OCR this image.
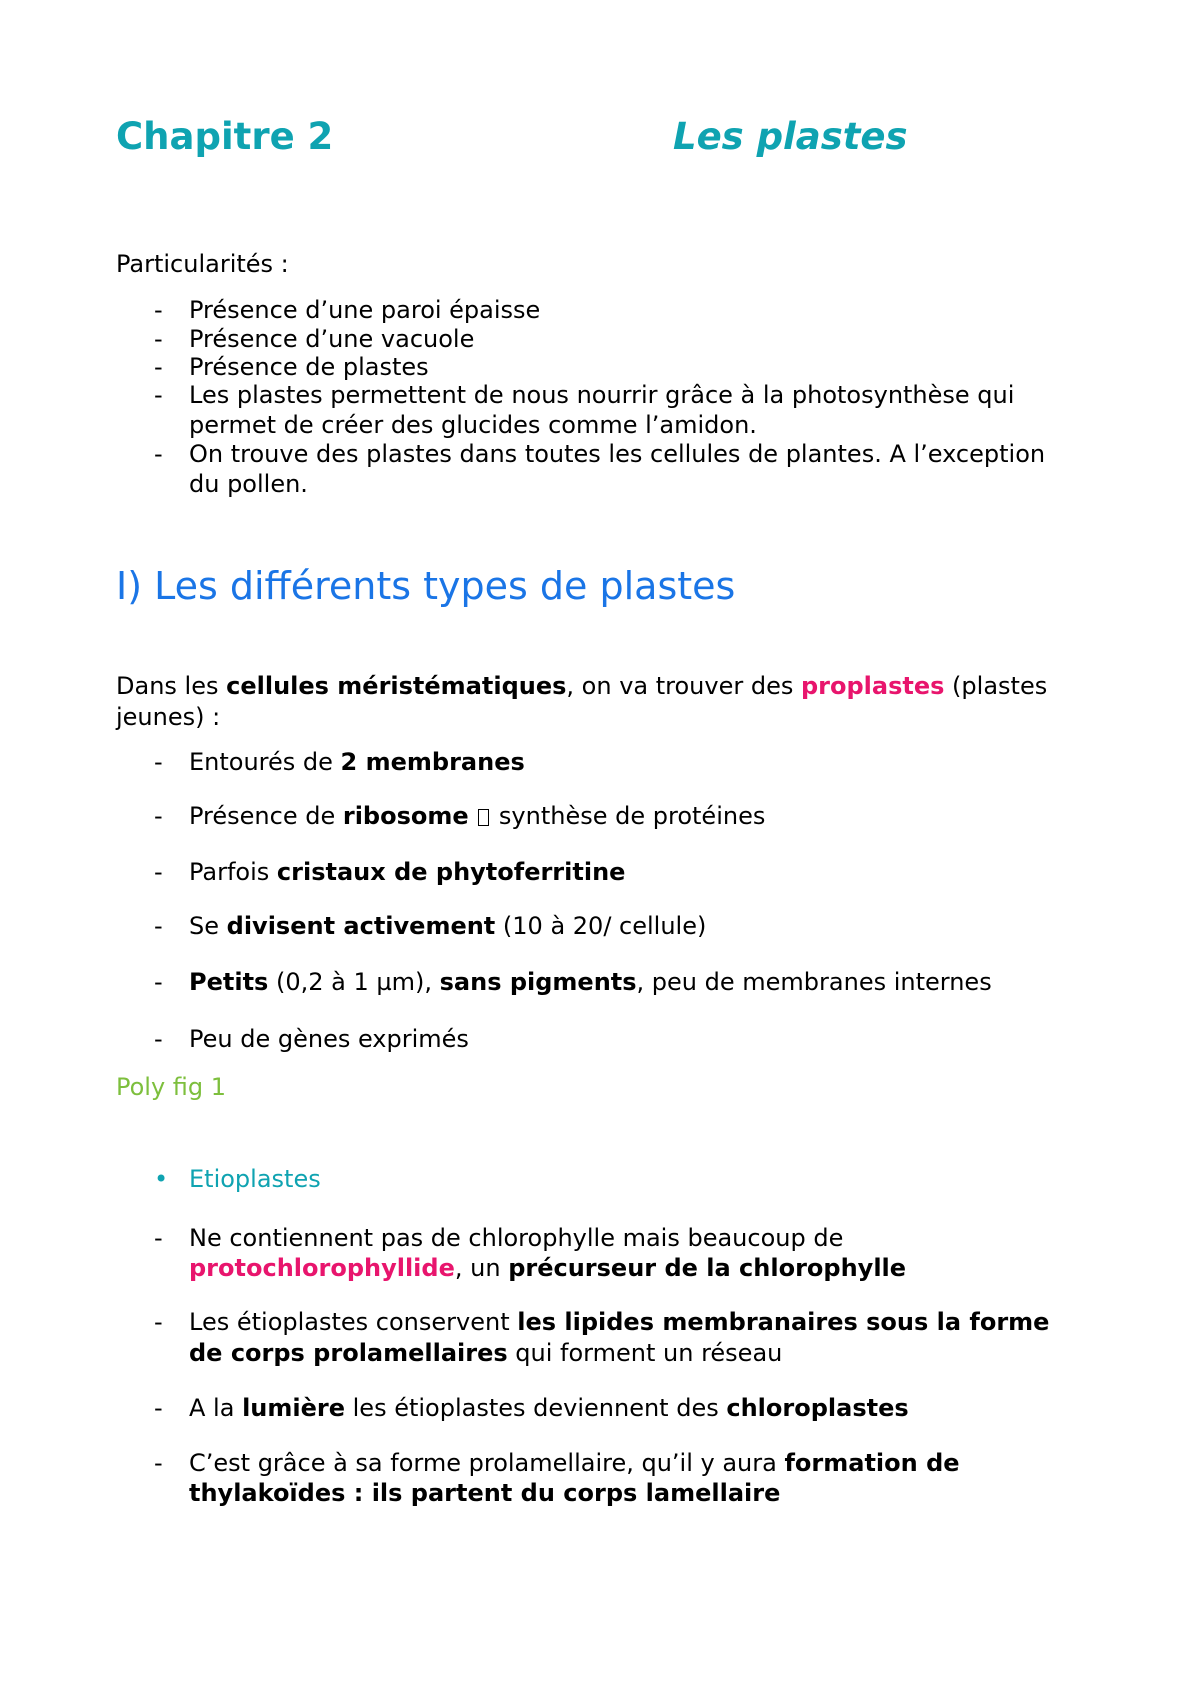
Chapitre 2	Les plastes
Particularités :
- Présence d’une paroi épaisse
- Présence d’une vacuole
- Présence de plastes
- Les plastes permettent de nous nourrir grâce à la photosynthèse qui
permet de créer des glucides comme l’amidon.
- On trouve des plastes dans toutes les cellules de plantes. A l’exception
du pollen.
I) Les différents types de plastes
Dans les cellules méristématiques, on va trouver des proplastes (plastes
jeunes) :
- Entourés de 2 membranes
- Présence de ribosome  synthèse de protéines
- Parfois cristaux de phytoferritine
- Se divisent activement (10 à 20/ cellule)
- Petits (0,2 à 1 µm), sans pigments, peu de membranes internes
- Peu de gènes exprimés
Poly fig 1
• Etioplastes
- Ne contiennent pas de chlorophylle mais beaucoup de
protochlorophyllide, un précurseur de la chlorophylle
- Les étioplastes conservent les lipides membranaires sous la forme
de corps prolamellaires qui forment un réseau
- A la lumière les étioplastes deviennent des chloroplastes
- C’est grâce à sa forme prolamellaire, qu’il y aura formation de
thylakoïdes : ils partent du corps lamellaire
